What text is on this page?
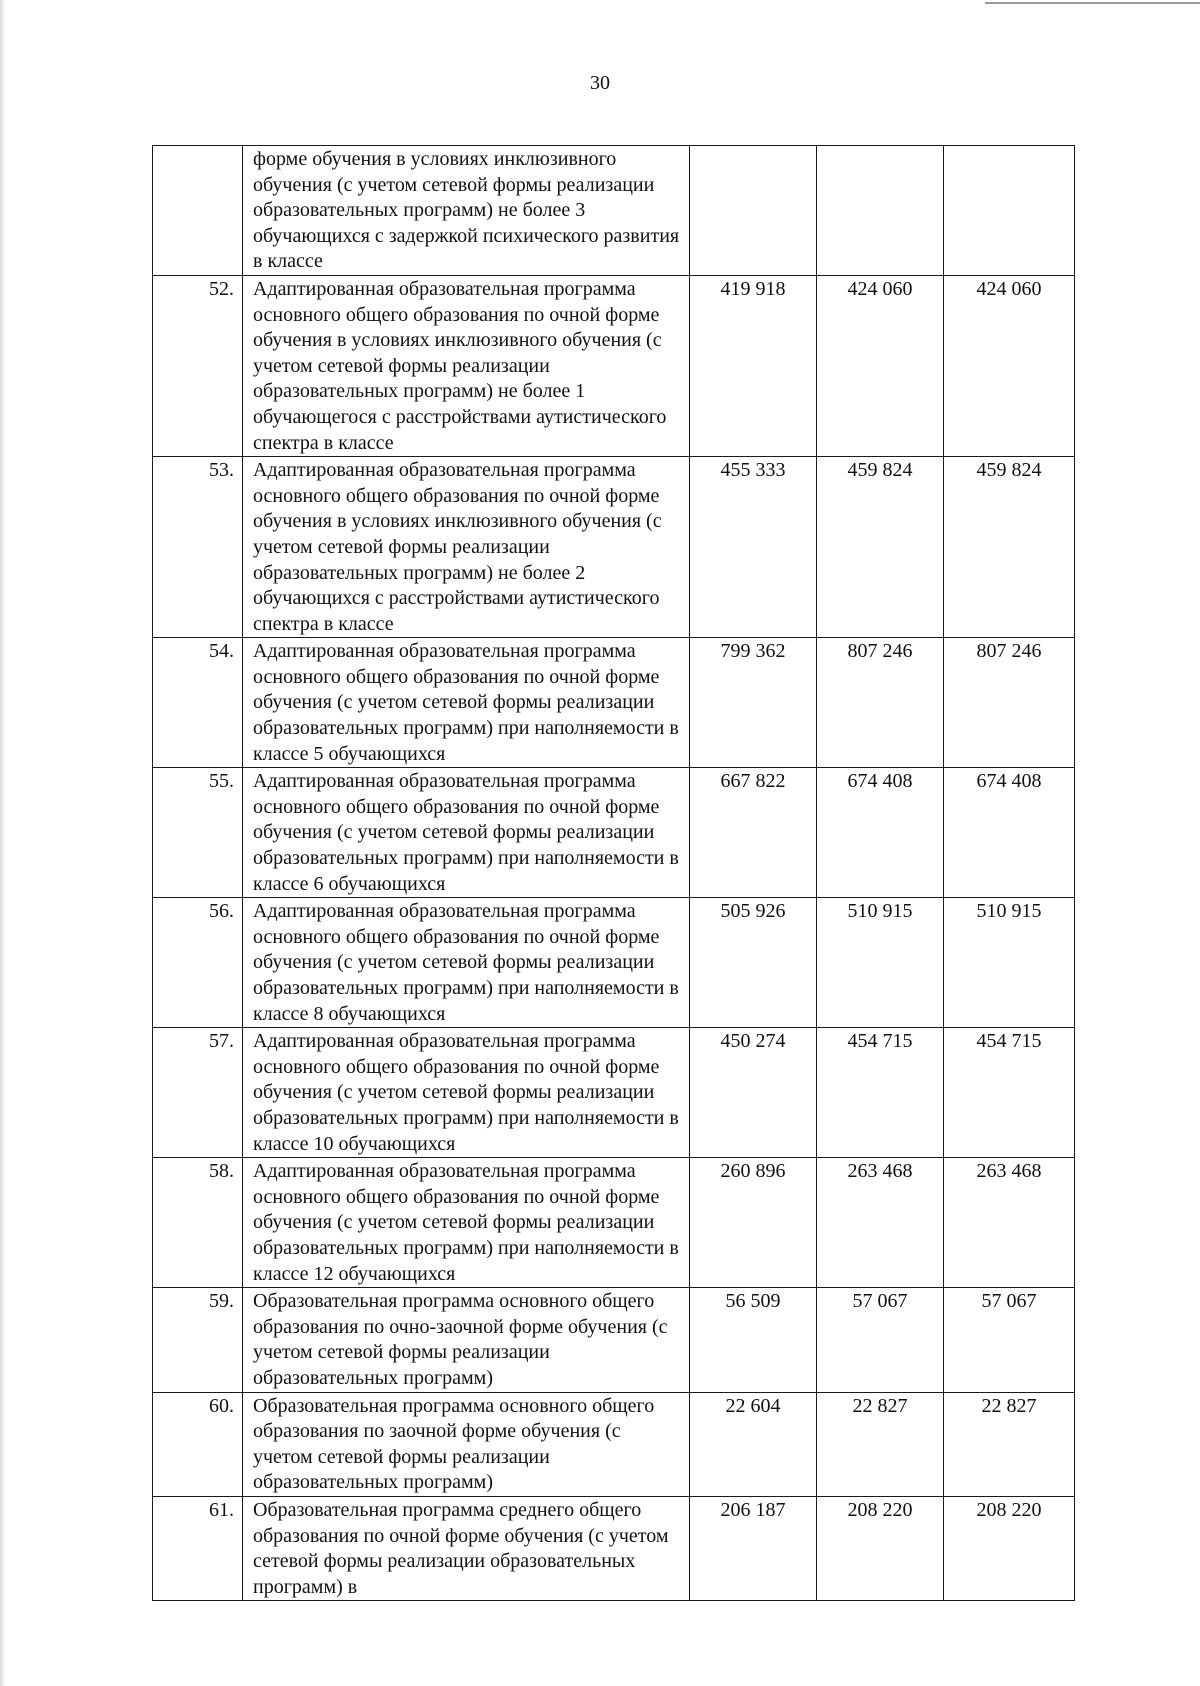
30
	форме обучения в условиях инклюзивного обучения (с учетом сетевой формы реализации образовательных программ) не более 3 обучающихся с задержкой психического развития в классе			
52.	Адаптированная образовательная программа основного общего образования по очной форме обучения в условиях инклюзивного обучения (с учетом сетевой формы реализации образовательных программ) не более 1 обучающегося с расстройствами аутистического спектра в классе	419 918	424 060	424 060
53.	Адаптированная образовательная программа основного общего образования по очной форме обучения в условиях инклюзивного обучения (с учетом сетевой формы реализации образовательных программ) не более 2 обучающихся с расстройствами аутистического спектра в классе	455 333	459 824	459 824
54.	Адаптированная образовательная программа основного общего образования по очной форме обучения (с учетом сетевой формы реализации образовательных программ) при наполняемости в классе 5 обучающихся	799 362	807 246	807 246
55.	Адаптированная образовательная программа основного общего образования по очной форме обучения (с учетом сетевой формы реализации образовательных программ) при наполняемости в классе 6 обучающихся	667 822	674 408	674 408
56.	Адаптированная образовательная программа основного общего образования по очной форме обучения (с учетом сетевой формы реализации образовательных программ) при наполняемости в классе 8 обучающихся	505 926	510 915	510 915
57.	Адаптированная образовательная программа основного общего образования по очной форме обучения (с учетом сетевой формы реализации образовательных программ) при наполняемости в классе 10 обучающихся	450 274	454 715	454 715
58.	Адаптированная образовательная программа основного общего образования по очной форме обучения (с учетом сетевой формы реализации образовательных программ) при наполняемости в классе 12 обучающихся	260 896	263 468	263 468
59.	Образовательная программа основного общего образования по очно-заочной форме обучения (с учетом сетевой формы реализации образовательных программ)	56 509	57 067	57 067
60.	Образовательная программа основного общего образования по заочной форме обучения (с учетом сетевой формы реализации образовательных программ)	22 604	22 827	22 827
61.	Образовательная программа среднего общего образования по очной форме обучения (с учетом сетевой формы реализации образовательных программ) в	206 187	208 220	208 220
